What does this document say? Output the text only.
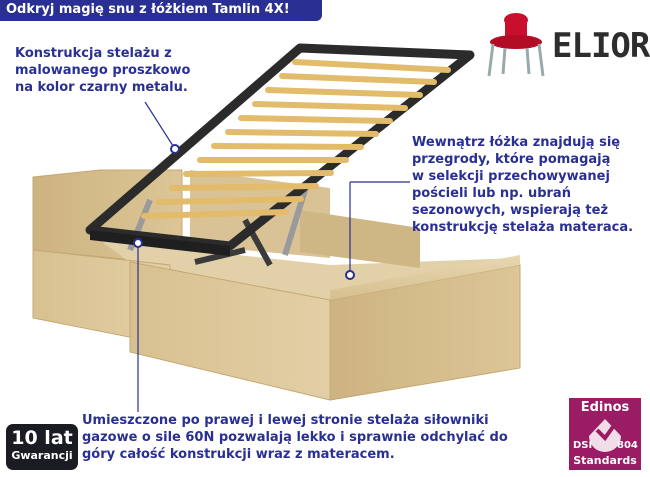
Odkryj magię snu z łóżkiem Tamlin 4X!
ELIOR
Konstrukcja stelażu z
malowanego proszkowo
na kolor czarny metalu.
Wewnątrz łóżka znajdują się
przegrody, które pomagają
w selekcji przechowywanej
pościeli lub np. ubrań
sezonowych, wspierają też
konstrukcję stelaża materaca.
Umieszczone po prawej i lewej stronie stelaża siłowniki
gazowe o sile 60N pozwalają lekko i sprawnie odchylać do
góry całość konstrukcji wraz z materacem.
10 lat
Gwarancji
Edinos
DSI 804
Standards
